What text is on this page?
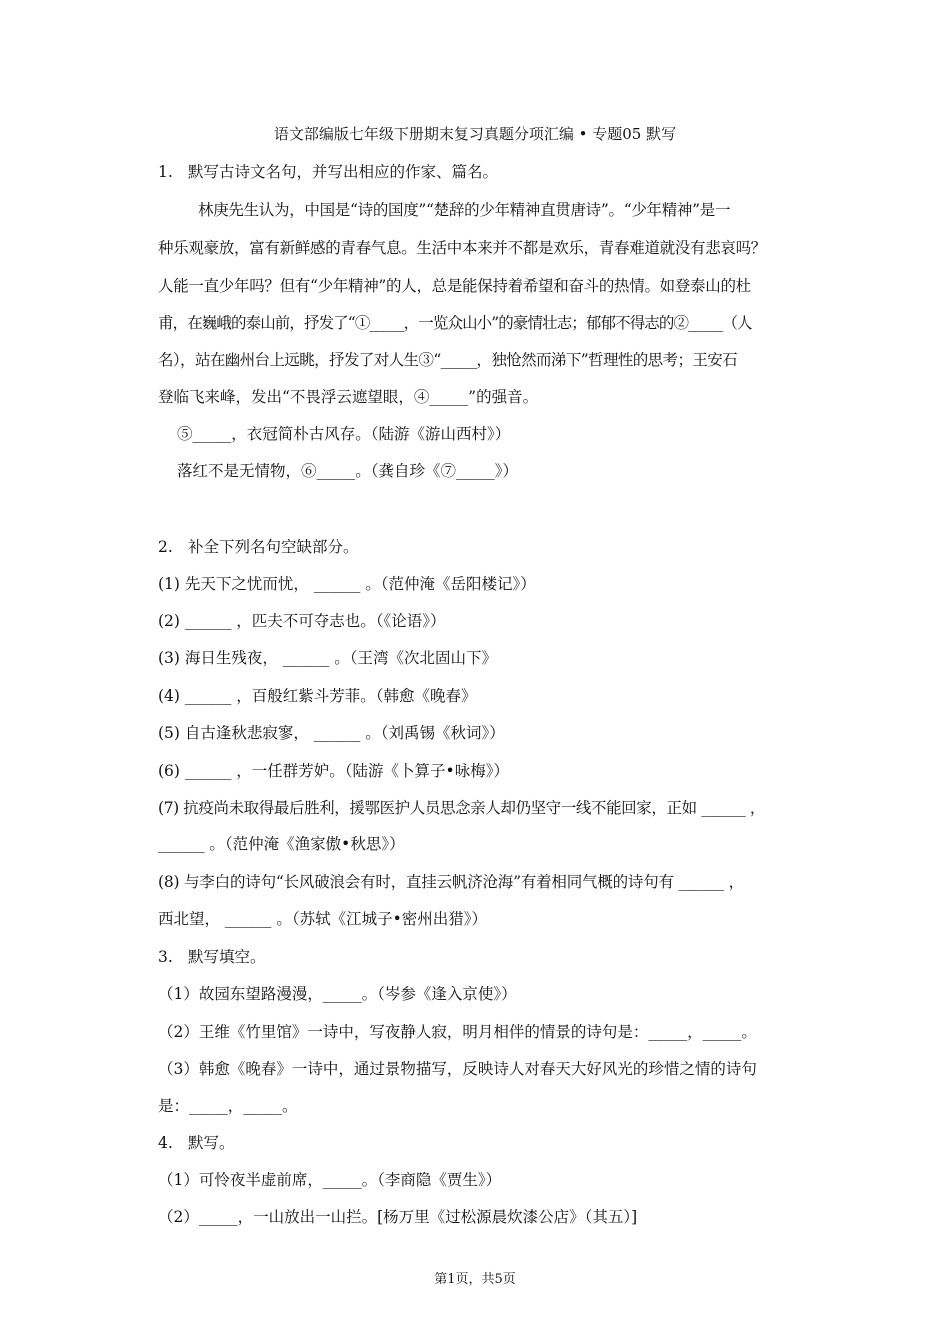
语文部编版七年级下册期末复习真题分项汇编 • 专题05 默写
1. 默写古诗文名句，并写出相应的作家、篇名。
林庚先生认为，中国是“诗的国度”“楚辞的少年精神直贯唐诗”。“少年精神”是一
种乐观豪放，富有新鲜感的青春气息。生活中本来并不都是欢乐，青春难道就没有悲哀吗？
人能一直少年吗？但有“少年精神”的人，总是能保持着希望和奋斗的热情。如登泰山的杜
甫，在巍峨的泰山前，抒发了“①_____，一览众山小”的豪情壮志；郁郁不得志的②_____（人
名），站在幽州台上远眺，抒发了对人生③“_____，独怆然而涕下”哲理性的思考；王安石
登临飞来峰，发出“不畏浮云遮望眼，④_____”的强音。
⑤_____，衣冠简朴古风存。（陆游《游山西村》）
落红不是无情物，⑥_____。（龚自珍《⑦_____》）
2. 补全下列名句空缺部分。
(1) 先天下之忧而忧， ______ 。（范仲淹《岳阳楼记》）
(2) ______ ，匹夫不可夺志也。（《论语》）
(3) 海日生残夜， ______ 。（王湾《次北固山下》
(4) ______ ，百般红紫斗芳菲。（韩愈《晚春》
(5) 自古逢秋悲寂寥， ______ 。（刘禹锡《秋词》）
(6) ______ ，一任群芳妒。（陆游《卜算子•咏梅》）
(7) 抗疫尚未取得最后胜利，援鄂医护人员思念亲人却仍坚守一线不能回家，正如 ______ ，
______ 。（范仲淹《渔家傲•秋思》）
(8) 与李白的诗句“长风破浪会有时，直挂云帆济沧海”有着相同气概的诗句有 ______ ，
西北望， ______ 。（苏轼《江城子•密州出猎》）
3. 默写填空。
（1）故园东望路漫漫，_____。（岑参《逢入京使》）
（2）王维《竹里馆》一诗中，写夜静人寂，明月相伴的情景的诗句是：_____，_____。
（3）韩愈《晚春》一诗中，通过景物描写，反映诗人对春天大好风光的珍惜之情的诗句
是：_____，_____。
4. 默写。
（1）可怜夜半虚前席，_____。（李商隐《贾生》）
（2）_____，一山放出一山拦。[杨万里《过松源晨炊漆公店》（其五）]
第1页，共5页
